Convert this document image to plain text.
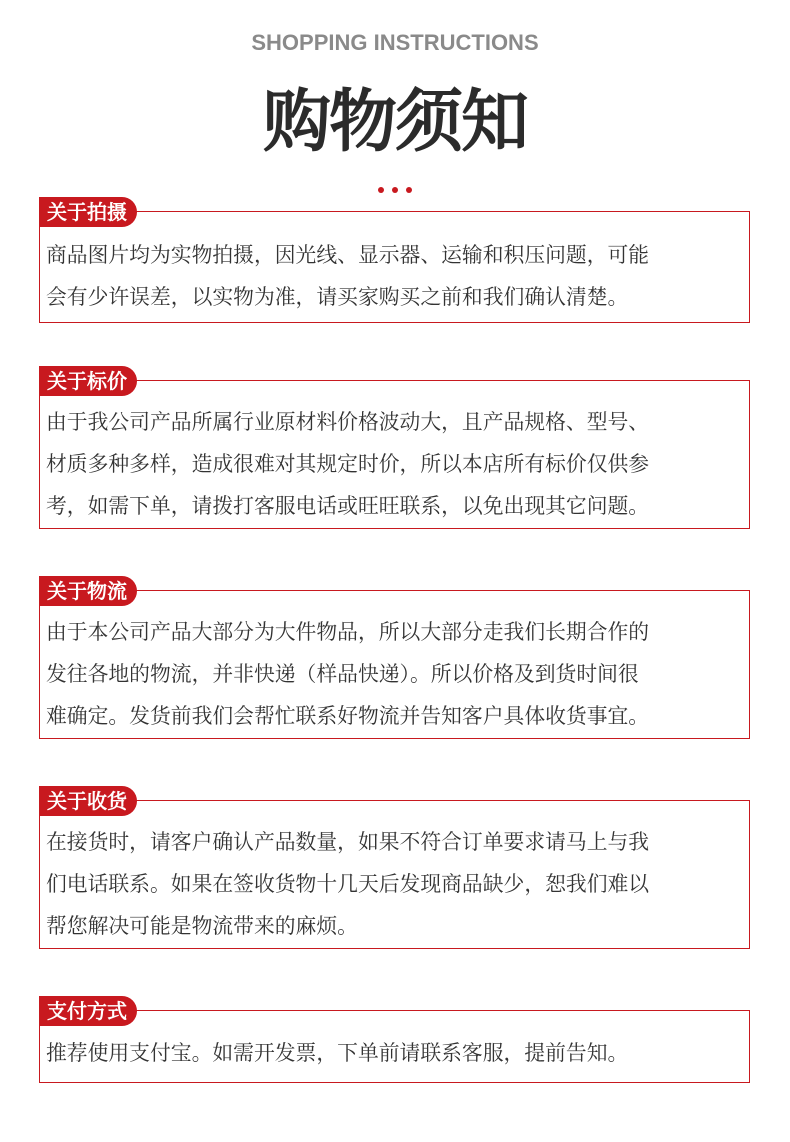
SHOPPING INSTRUCTIONS
购物须知
关于拍摄
商品图片均为实物拍摄，因光线、显示器、运输和积压问题，可能
会有少许误差，以实物为准，请买家购买之前和我们确认清楚。
关于标价
由于我公司产品所属行业原材料价格波动大，且产品规格、型号、
材质多种多样，造成很难对其规定时价，所以本店所有标价仅供参
考，如需下单，请拨打客服电话或旺旺联系，以免出现其它问题。
关于物流
由于本公司产品大部分为大件物品，所以大部分走我们长期合作的
发往各地的物流，并非快递（样品快递）。所以价格及到货时间很
难确定。发货前我们会帮忙联系好物流并告知客户具体收货事宜。
关于收货
在接货时，请客户确认产品数量，如果不符合订单要求请马上与我
们电话联系。如果在签收货物十几天后发现商品缺少，恕我们难以
帮您解决可能是物流带来的麻烦。
支付方式
推荐使用支付宝。如需开发票，下单前请联系客服，提前告知。
